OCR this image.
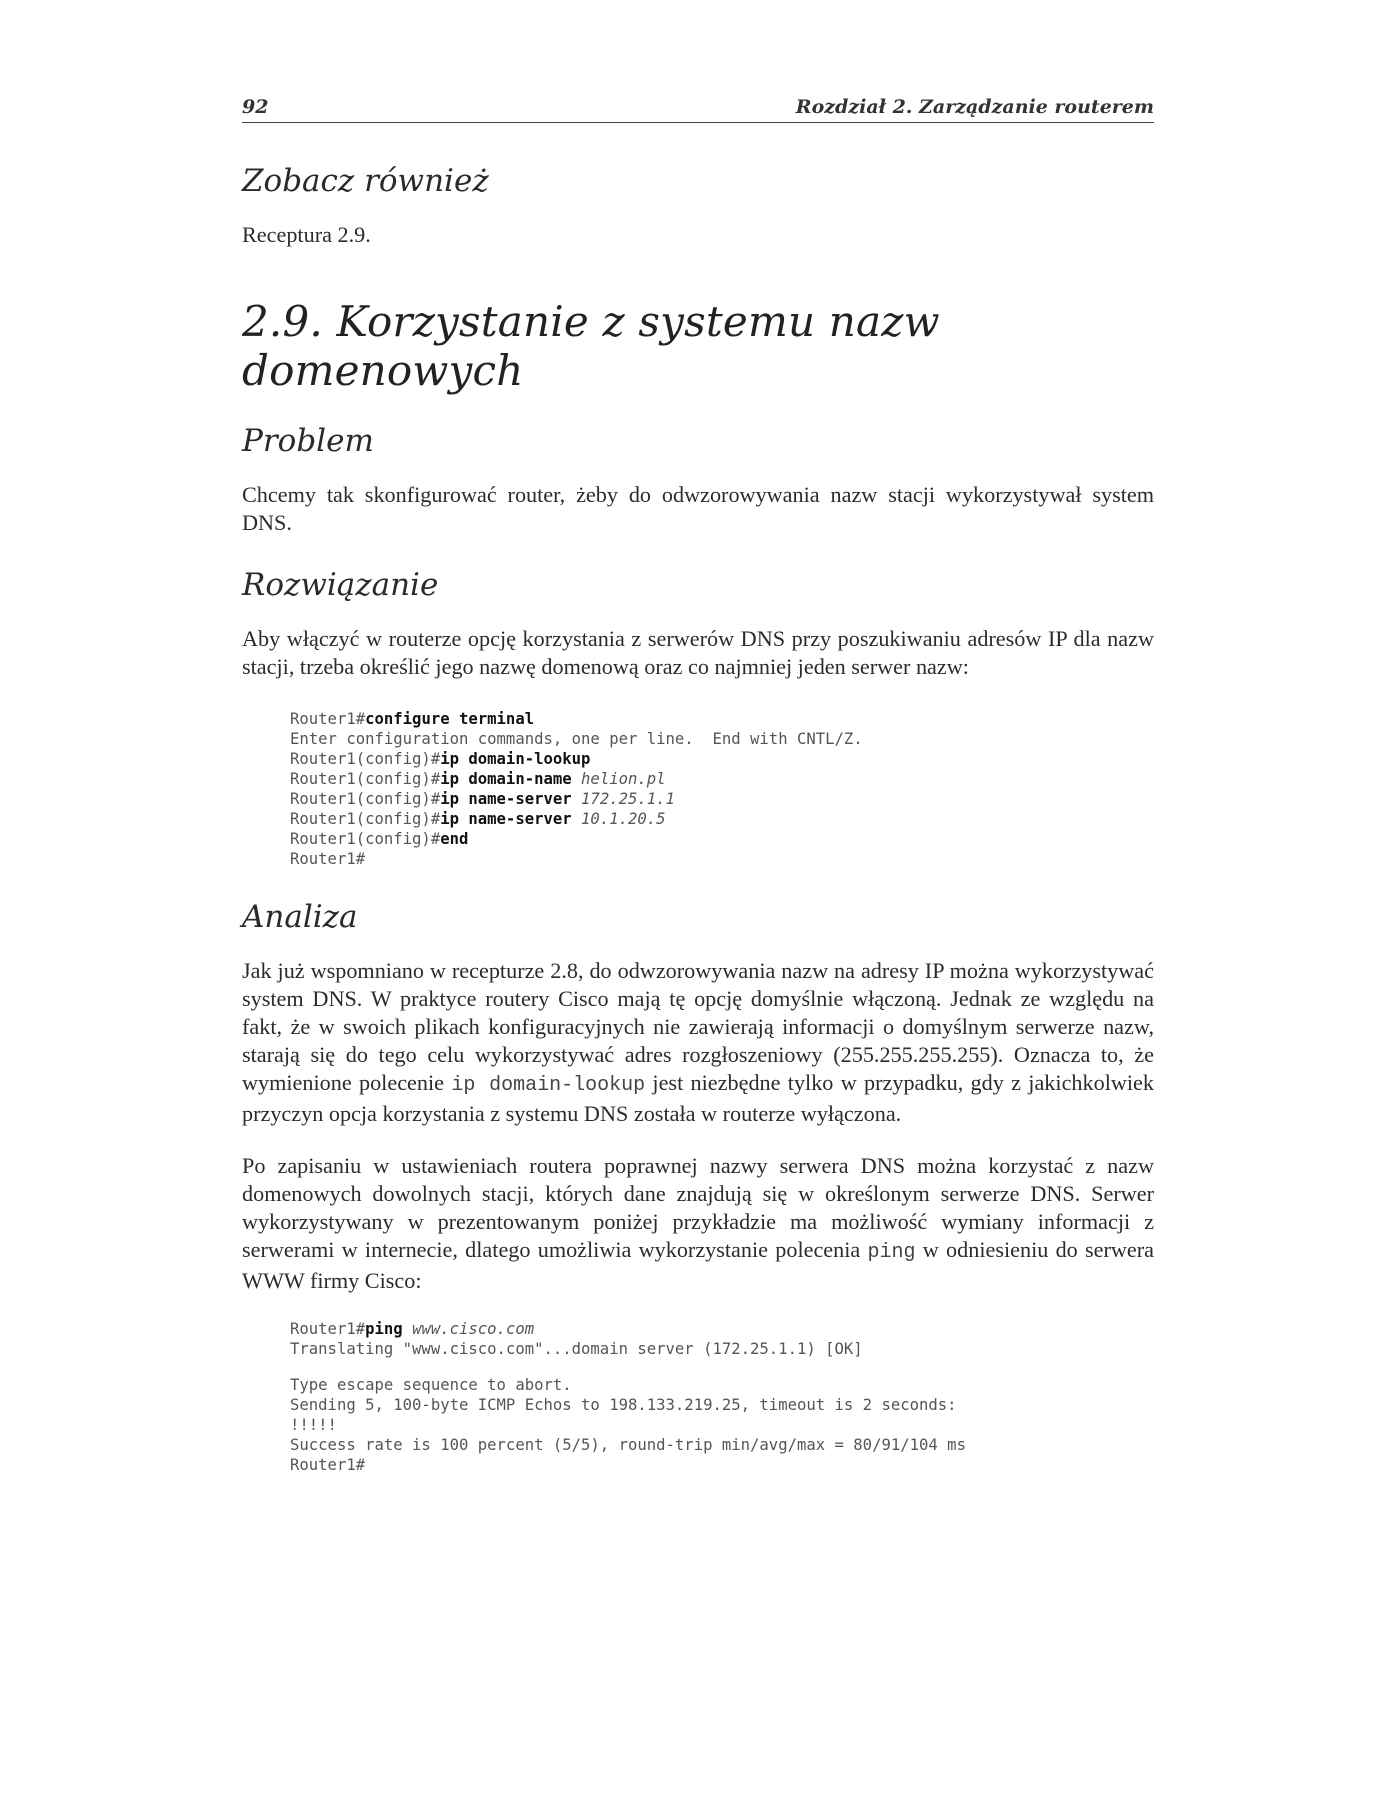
92	Rozdział 2. Zarządzanie routerem
Zobacz również

Receptura 2.9.

2.9. Korzystanie z systemu nazw domenowych
Problem

Chcemy tak skonfigurować router, żeby do odwzorowywania nazw stacji wykorzystywał system DNS.

Rozwiązanie

Aby włączyć w routerze opcję korzystania z serwerów DNS przy poszukiwaniu adresów IP dla nazw stacji, trzeba określić jego nazwę domenową oraz co najmniej jeden serwer nazw:

Router1#configure terminal
Enter configuration commands, one per line.  End with CNTL/Z.
Router1(config)#ip domain-lookup
Router1(config)#ip domain-name helion.pl
Router1(config)#ip name-server 172.25.1.1
Router1(config)#ip name-server 10.1.20.5
Router1(config)#end
Router1#
Analiza

Jak już wspomniano w recepturze 2.8, do odwzorowywania nazw na adresy IP można wykorzystywać system DNS. W praktyce routery Cisco mają tę opcję domyślnie włączoną. Jednak ze względu na fakt, że w swoich plikach konfiguracyjnych nie zawierają informacji o domyślnym serwerze nazw, starają się do tego celu wykorzystywać adres rozgłoszeniowy (255.255.255.255). Oznacza to, że wymienione polecenie ip domain-lookup jest niezbędne tylko w przypadku, gdy z jakichkolwiek przyczyn opcja korzystania z systemu DNS została w routerze wyłączona.

Po zapisaniu w ustawieniach routera poprawnej nazwy serwera DNS można korzystać z nazw domenowych dowolnych stacji, których dane znajdują się w określonym serwerze DNS. Serwer wykorzystywany w prezentowanym poniżej przykładzie ma możliwość wymiany informacji z serwerami w internecie, dlatego umożliwia wykorzystanie polecenia ping w odniesieniu do serwera WWW firmy Cisco:

Router1#ping www.cisco.com
Translating "www.cisco.com"...domain server (172.25.1.1) [OK]
Type escape sequence to abort.
Sending 5, 100-byte ICMP Echos to 198.133.219.25, timeout is 2 seconds:
!!!!!
Success rate is 100 percent (5/5), round-trip min/avg/max = 80/91/104 ms
Router1#
